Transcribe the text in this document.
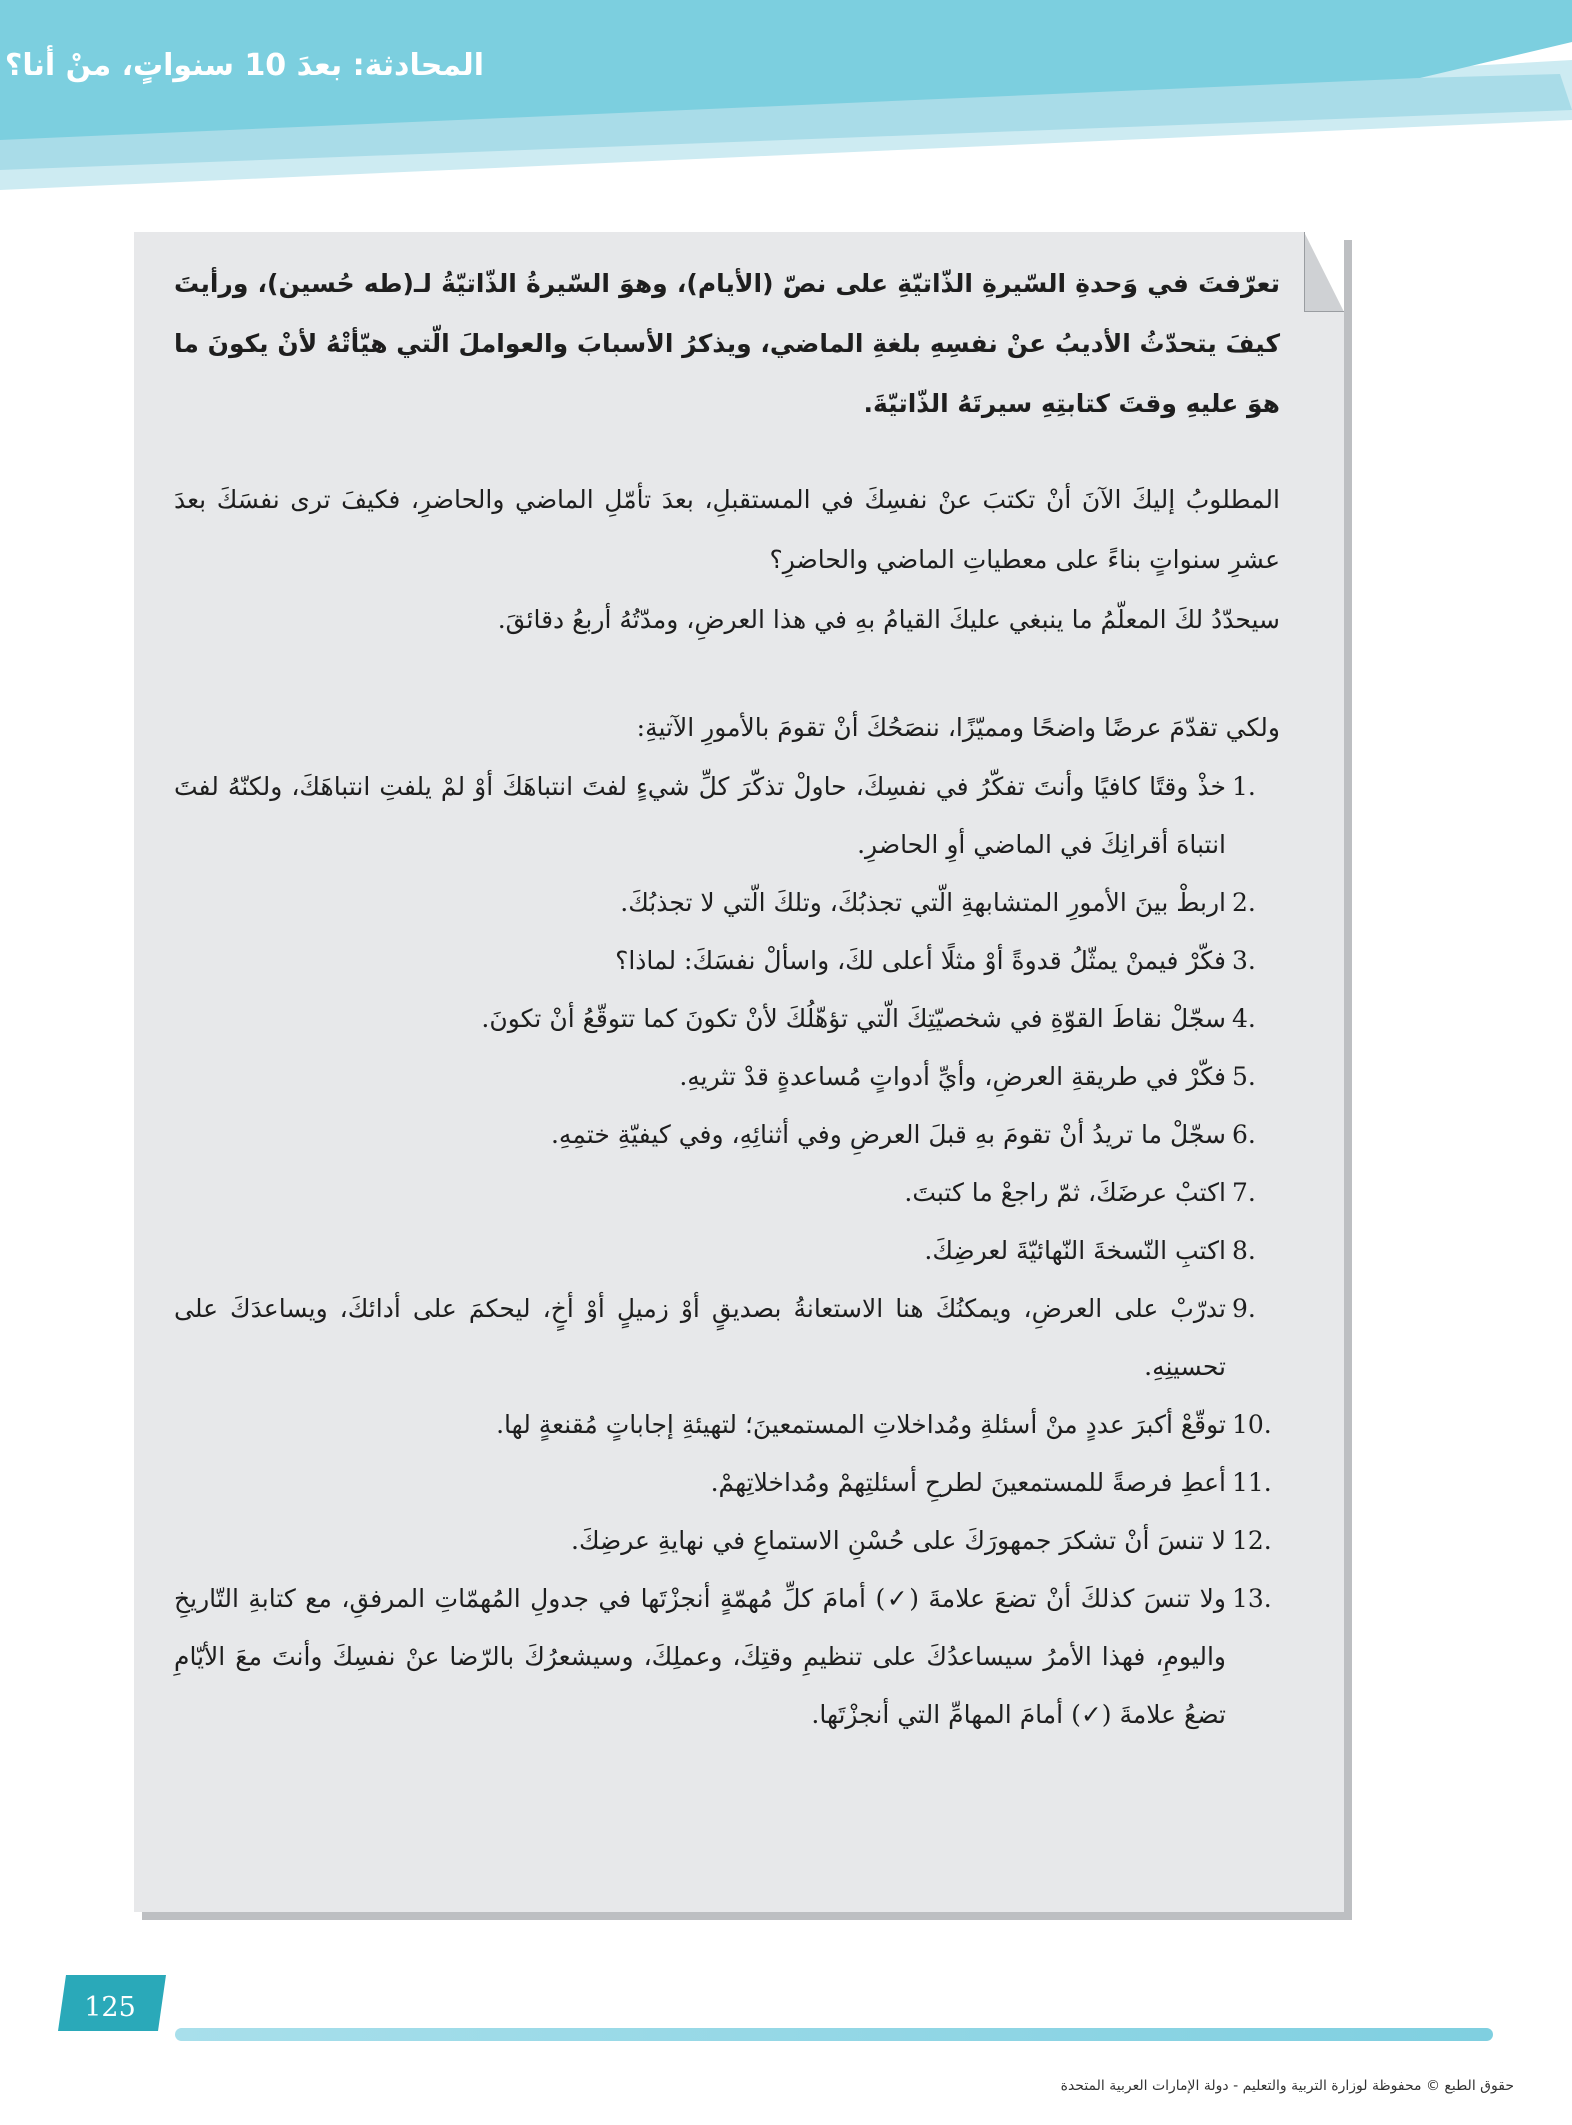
المحادثة: بعدَ 10 سنواتٍ، منْ أنا؟

تعرّفتَ في وَحدةِ السّيرةِ الذّاتيّةِ على نصّ (الأيام)، وهوَ السّيرةُ الذّاتيّةُ لـ(طه حُسين)، ورأيتَ كيفَ يتحدّثُ الأديبُ عنْ نفسِهِ بلغةِ الماضي، ويذكرُ الأسبابَ والعواملَ الّتي هيّأتْهُ لأنْ يكونَ ما هوَ عليهِ وقتَ كتابتِهِ سيرتَهُ الذّاتيّةَ.

المطلوبُ إليكَ الآنَ أنْ تكتبَ عنْ نفسِكَ في المستقبلِ، بعدَ تأمّلِ الماضي والحاضرِ، فكيفَ ترى نفسَكَ بعدَ عشرِ سنواتٍ بناءً على معطياتِ الماضي والحاضرِ؟

سيحدّدُ لكَ المعلّمُ ما ينبغي عليكَ القيامُ بهِ في هذا العرضِ، ومدّتُهُ أربعُ دقائقَ.

ولكي تقدّمَ عرضًا واضحًا ومميّزًا، ننصَحُكَ أنْ تقومَ بالأمورِ الآتيةِ:

1.
خذْ وقتًا كافيًا وأنتَ تفكّرُ في نفسِكَ، حاولْ تذكّرَ كلِّ شيءٍ لفتَ انتباهَكَ أوْ لمْ يلفتِ انتباهَكَ، ولكنّهُ لفتَ انتباهَ أقرانِكَ في الماضي أوِ الحاضرِ.
2.
اربطْ بينَ الأمورِ المتشابهةِ الّتي تجذبُكَ، وتلكَ الّتي لا تجذبُكَ.
3.
فكّرْ فيمنْ يمثّلُ قدوةً أوْ مثلًا أعلى لكَ، واسألْ نفسَكَ: لماذا؟
4.
سجّلْ نقاطَ القوّةِ في شخصيّتِكَ الّتي تؤهّلُكَ لأنْ تكونَ كما تتوقّعُ أنْ تكونَ.
5.
فكّرْ في طريقةِ العرضِ، وأيِّ أدواتٍ مُساعدةٍ قدْ تثريهِ.
6.
سجّلْ ما تريدُ أنْ تقومَ بهِ قبلَ العرضِ وفي أثنائِهِ، وفي كيفيّةِ ختمِهِ.
7.
اكتبْ عرضَكَ، ثمّ راجعْ ما كتبتَ.
8.
اكتبِ النّسخةَ النّهائيّةَ لعرضِكَ.
9.
تدرّبْ على العرضِ، ويمكنُكَ هنا الاستعانةُ بصديقٍ أوْ زميلٍ أوْ أخٍ، ليحكمَ على أدائكَ، ويساعدَكَ على تحسينِهِ.
10.
توقّعْ أكبرَ عددٍ منْ أسئلةِ ومُداخلاتِ المستمعينَ؛ لتهيئةِ إجاباتٍ مُقنعةٍ لها.
11.
أعطِ فرصةً للمستمعينَ لطرحِ أسئلتِهمْ ومُداخلاتِهمْ.
12.
لا تنسَ أنْ تشكرَ جمهورَكَ على حُسْنِ الاستماعِ في نهايةِ عرضِكَ.
13.
ولا تنسَ كذلكَ أنْ تضعَ علامةَ (✓) أمامَ كلِّ مُهمّةٍ أنجزْتَها في جدولِ المُهمّاتِ المرفقِ، مع كتابةِ التّاريخِ واليومِ، فهذا الأمرُ سيساعدُكَ على تنظيمِ وقتِكَ، وعملِكَ، وسيشعرُكَ بالرّضا عنْ نفسِكَ وأنتَ معَ الأيّامِ تضعُ علامةَ (✓) أمامَ المهامِّ التي أنجزْتَها.
125
حقوق الطبع © محفوظة لوزارة التربية والتعليم - دولة الإمارات العربية المتحدة
